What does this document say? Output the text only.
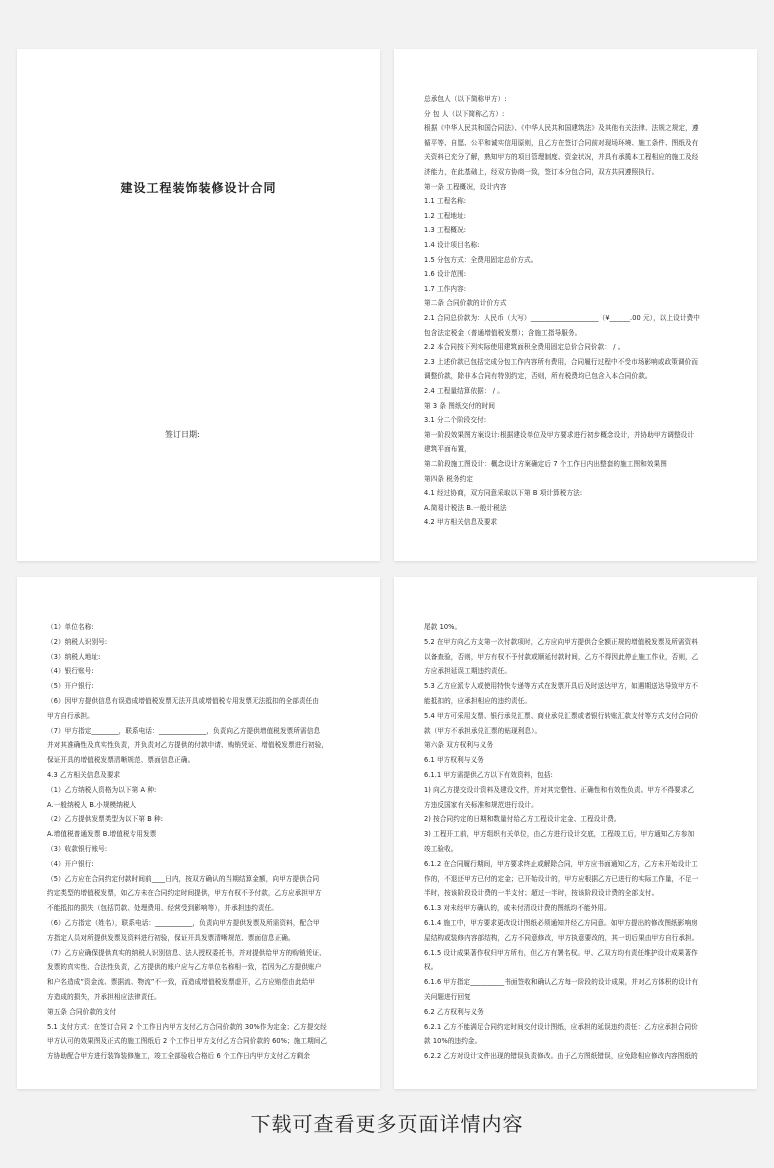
建设工程装饰装修设计合同
签订日期:
总承包人（以下简称甲方）:
分 包 人（以下简称乙方）:
根据《中华人民共和国合同法》、《中华人民共和国建筑法》及其他有关法律、法规之规定，遵
循平等、自愿、公平和诚实信用原则，且乙方在签订合同前对现场环境、施工条件、图纸及有
关资料已充分了解，熟知甲方的项目管理制度、资金状况，并具有承揽本工程相应的施工及经
济能力，在此基础上，经双方协商一致，签订本分包合同，双方共同遵照执行。
第一条 工程概况，设计内容
1.1 工程名称:
1.2 工程地址:
1.3 工程概况:
1.4 设计项目名称:
1.5 分包方式：全费用固定总价方式。
1.6 设计范围:
1.7 工作内容:
第二条 合同价款的计价方式
2.1 合同总价款为：人民币（大写）____________________（¥______.00 元），以上设计费中
包含法定税金（普通增值税发票）；含施工指导服务。
2.2 本合同按下列实际使用建筑面积全费用固定总价合同价款： / 。
2.3 上述价款已包括完成分包工作内容所有费用，合同履行过程中不受市场影响或政策调价而
调整价款，除非本合同有特别约定，否则，所有税费均已包含入本合同价款。
2.4 工程量结算依据： / 。
第 3 条 图纸交付的时间
3.1 分二个阶段交付:
第一阶段效果图方案设计:根据建设单位及甲方要求进行初步概念设计，并协助甲方调整设计
建筑平面布置，
第二阶段施工图设计：概念设计方案确定后 7 个工作日内出整套的施工图和效果图
第四条 税务约定
4.1 经过协商，双方同意采取以下第 B 项计算税方法:
A.简易计税法 B.一般计税法
4.2 甲方相关信息及要求
（1）单位名称:
（2）纳税人识别号:
（3）纳税人地址:
（4）银行账号:
（5）开户银行:
（6）因甲方提供信息有误造成增值税发票无法开具或增值税专用发票无法抵扣的全部责任由
甲方自行承担。
（7）甲方指定________，联系电话：______________，负责向乙方提供增值税发票所需信息
并对其准确性及真实性负责，并负责对乙方提供的付款申请、购销凭证、增值税发票进行初验，
保证开具的增值税发票清晰规范、票面信息正确。
4.3 乙方相关信息及要求
（1）乙方纳税人资格为以下第 A 种:
A.一般纳税人 B.小规模纳税人
（2）乙方提供发票类型为以下第 B 种:
A.增值税普通发票 B.增值税专用发票
（3）收款银行账号:
（4）开户银行:
（5）乙方应在合同约定付款时间前____日内，按双方确认的当期结算金额，向甲方提供合同
约定类型的增值税发票，如乙方未在合同约定时间提供，甲方有权不予付款，乙方应承担甲方
不能抵扣的损失（包括罚款、处理费用、经营受到影响等），并承担违约责任。
（6）乙方指定（姓名），联系电话：___________，负责向甲方提供发票及所需资料，配合甲
方指定人员对所提供发票及资料进行初验，保证开具发票清晰规范、票面信息正确。
（7）乙方应确保提供真实的纳税人识别信息、法人授权委托书，并对提供给甲方的购销凭证、
发票的真实性、合法性负责，乙方提供的账户应与乙方单位名称相一致，若因为乙方提供账户
和户名造成”资金流、票据流、物流”不一致，而造成增值税发票虚开，乙方应赔偿由此给甲
方造成的损失，并承担相应法律责任。
第五条 合同价款的支付
5.1 支付方式：在签订合同 2 个工作日内甲方支付乙方合同价款的 30%作为定金；乙方提交经
甲方认可的效果图及正式的施工图纸后 2 个工作日甲方支付乙方合同价款的 60%；施工期间乙
方协助配合甲方进行装饰装修施工，竣工全部验收合格后 6 个工作日内甲方支付乙方剩余
尾款 10%。
5.2 在甲方向乙方支第一次付款项时，乙方应向甲方提供合全额正规的增值税发票及所需资料
以备查验，否则，甲方有权不予付款或顺延付款时间，乙方不得因此停止施工作业，否则，乙
方应承担延误工期违约责任。
5.3 乙方应派专人或使用特快专递等方式在发票开具后及时送达甲方，如遇期送达导致甲方不
能抵扣的，应承担相应的违约责任。
5.4 甲方可采用支票、银行承兑汇票、商业承兑汇票或者银行转账汇款支付等方式支付合同价
款（甲方不承担承兑汇票的贴现利息）。
第六条 双方权利与义务
6.1 甲方权利与义务
6.1.1 甲方需提供乙方以下有效资料，包括:
1) 向乙方提交设计资料及建设文件，并对其完整性、正确性和有效性负责。甲方不得要求乙
方违反国家有关标准和规范进行设计。
2) 按合同约定的日期和数量付给乙方工程设计定金、工程设计费。
3) 工程开工前，甲方组织有关单位，由乙方进行设计交底，工程竣工后，甲方通知乙方参加
竣工验收。
6.1.2 在合同履行期间，甲方要求终止或解除合同，甲方应书面通知乙方，乙方未开始设计工
作的，不退还甲方已付的定金；已开始设计的，甲方应根据乙方已进行的实际工作量，不足一
半时，按该阶段设计费的一半支付；超过一半时，按该阶段设计费的全部支付。
6.1.3 对未经甲方确认的，或未付清设计费的图纸均不能外用。
6.1.4 施工中，甲方要求更改设计图纸必须通知并经乙方同意。如甲方提出的修改图纸影响房
屋结构或装修内容部结构，乙方不同意修改，甲方执意要改的，其一切后果由甲方自行承担。
6.1.5 设计成果著作权归甲方所有，但乙方有署名权。甲、乙双方均有责任维护设计成果著作
权。
6.1.6 甲方指定__________书面签收和确认乙方每一阶段的设计成果，并对乙方体积的设计有
关问题进行回复
6.2 乙方权利与义务
6.2.1 乙方不能满足合同约定时间交付设计图纸，应承担的延误违约责任：乙方应承担合同价
款 10%的违约金。
6.2.2 乙方对设计文件出现的错误负责修改。由于乙方图纸错误，应免除相应修改内容图纸的
下载可查看更多页面详情内容
